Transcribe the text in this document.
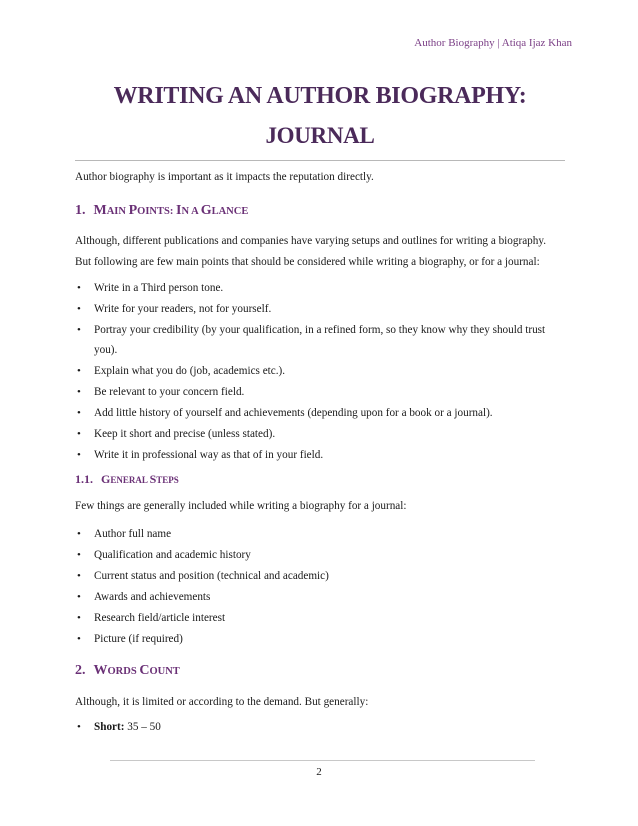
Author Biography | Atiqa Ijaz Khan
WRITING AN AUTHOR BIOGRAPHY:
JOURNAL
Author biography is important as it impacts the reputation directly.
1. MAIN POINTS: IN A GLANCE
Although, different publications and companies have varying setups and outlines for writing a biography.
But following are few main points that should be considered while writing a biography, or for a journal:
• Write in a Third person tone.
• Write for your readers, not for yourself.
• Portray your credibility (by your qualification, in a refined form, so they know why they should trust
you).
• Explain what you do (job, academics etc.).
• Be relevant to your concern field.
• Add little history of yourself and achievements (depending upon for a book or a journal).
• Keep it short and precise (unless stated).
• Write it in professional way as that of in your field.
1.1. GENERAL STEPS
Few things are generally included while writing a biography for a journal:
• Author full name
• Qualification and academic history
• Current status and position (technical and academic)
• Awards and achievements
• Research field/article interest
• Picture (if required)
2. WORDS COUNT
Although, it is limited or according to the demand. But generally:
• Short: 35 – 50
2
